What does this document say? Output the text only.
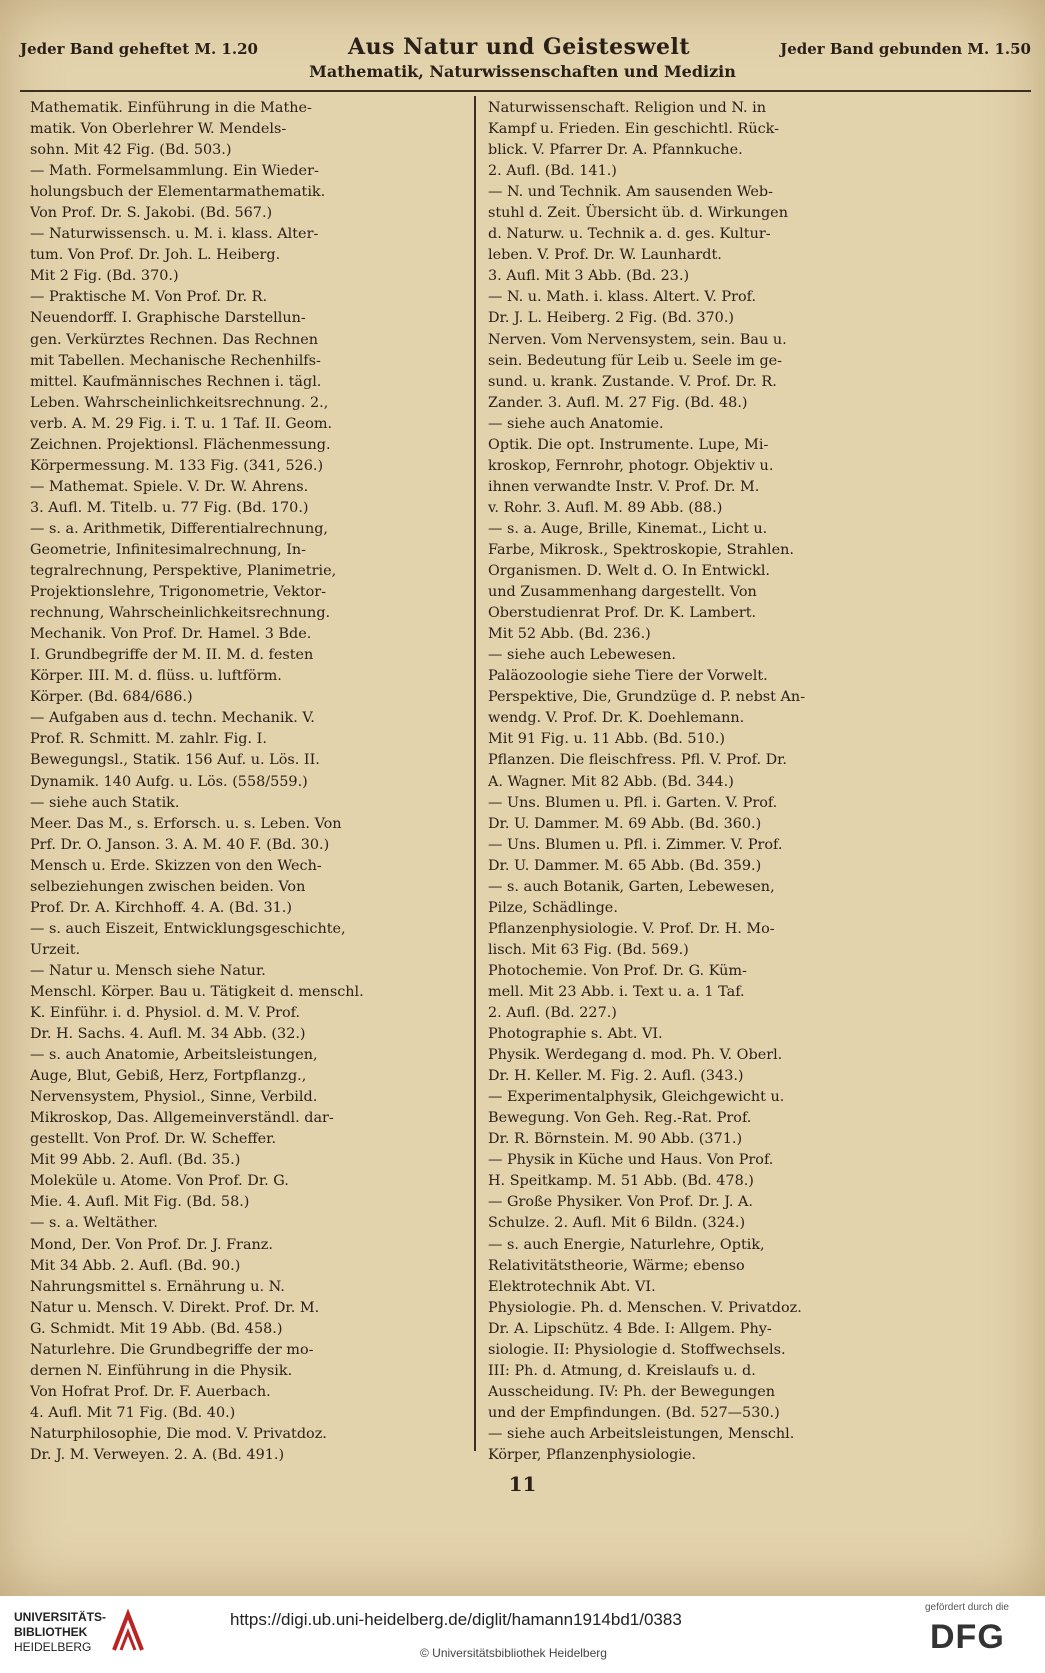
Jeder Band geheftet M. 1.20	Aus Natur und Geisteswelt	Jeder Band gebunden M. 1.50
Mathematik, Naturwissenschaften und Medizin
Mathematik. Einführung in die Mathe-
matik. Von Oberlehrer W. Mendels-
sohn. Mit 42 Fig. (Bd. 503.)
— Math. Formelsammlung. Ein Wieder-
holungsbuch der Elementarmathematik.
Von Prof. Dr. S. Jakobi. (Bd. 567.)
— Naturwissensch. u. M. i. klass. Alter-
tum. Von Prof. Dr. Joh. L. Heiberg.
Mit 2 Fig. (Bd. 370.)
— Praktische M. Von Prof. Dr. R.
Neuendorff. I. Graphische Darstellun-
gen. Verkürztes Rechnen. Das Rechnen
mit Tabellen. Mechanische Rechenhilfs-
mittel. Kaufmännisches Rechnen i. tägl.
Leben. Wahrscheinlichkeitsrechnung. 2.,
verb. A. M. 29 Fig. i. T. u. 1 Taf. II. Geom.
Zeichnen. Projektionsl. Flächenmessung.
Körpermessung. M. 133 Fig. (341, 526.)
— Mathemat. Spiele. V. Dr. W. Ahrens.
3. Aufl. M. Titelb. u. 77 Fig. (Bd. 170.)
— s. a. Arithmetik, Differentialrechnung,
Geometrie, Infinitesimalrechnung, In-
tegralrechnung, Perspektive, Planimetrie,
Projektionslehre, Trigonometrie, Vektor-
rechnung, Wahrscheinlichkeitsrechnung.
Mechanik. Von Prof. Dr. Hamel. 3 Bde.
I. Grundbegriffe der M. II. M. d. festen
Körper. III. M. d. flüss. u. luftförm.
Körper. (Bd. 684/686.)
— Aufgaben aus d. techn. Mechanik. V.
Prof. R. Schmitt. M. zahlr. Fig. I.
Bewegungsl., Statik. 156 Auf. u. Lös. II.
Dynamik. 140 Aufg. u. Lös. (558/559.)
— siehe auch Statik.
Meer. Das M., s. Erforsch. u. s. Leben. Von
Prf. Dr. O. Janson. 3. A. M. 40 F. (Bd. 30.)
Mensch u. Erde. Skizzen von den Wech-
selbeziehungen zwischen beiden. Von
Prof. Dr. A. Kirchhoff. 4. A. (Bd. 31.)
— s. auch Eiszeit, Entwicklungsgeschichte,
Urzeit.
— Natur u. Mensch siehe Natur.
Menschl. Körper. Bau u. Tätigkeit d. menschl.
K. Einführ. i. d. Physiol. d. M. V. Prof.
Dr. H. Sachs. 4. Aufl. M. 34 Abb. (32.)
— s. auch Anatomie, Arbeitsleistungen,
Auge, Blut, Gebiß, Herz, Fortpflanzg.,
Nervensystem, Physiol., Sinne, Verbild.
Mikroskop, Das. Allgemeinverständl. dar-
gestellt. Von Prof. Dr. W. Scheffer.
Mit 99 Abb. 2. Aufl. (Bd. 35.)
Moleküle u. Atome. Von Prof. Dr. G.
Mie. 4. Aufl. Mit Fig. (Bd. 58.)
— s. a. Weltäther.
Mond, Der. Von Prof. Dr. J. Franz.
Mit 34 Abb. 2. Aufl. (Bd. 90.)
Nahrungsmittel s. Ernährung u. N.
Natur u. Mensch. V. Direkt. Prof. Dr. M.
G. Schmidt. Mit 19 Abb. (Bd. 458.)
Naturlehre. Die Grundbegriffe der mo-
dernen N. Einführung in die Physik.
Von Hofrat Prof. Dr. F. Auerbach.
4. Aufl. Mit 71 Fig. (Bd. 40.)
Naturphilosophie, Die mod. V. Privatdoz.
Dr. J. M. Verweyen. 2. A. (Bd. 491.)
Naturwissenschaft. Religion und N. in
Kampf u. Frieden. Ein geschichtl. Rück-
blick. V. Pfarrer Dr. A. Pfannkuche.
2. Aufl. (Bd. 141.)
— N. und Technik. Am sausenden Web-
stuhl d. Zeit. Übersicht üb. d. Wirkungen
d. Naturw. u. Technik a. d. ges. Kultur-
leben. V. Prof. Dr. W. Launhardt.
3. Aufl. Mit 3 Abb. (Bd. 23.)
— N. u. Math. i. klass. Altert. V. Prof.
Dr. J. L. Heiberg. 2 Fig. (Bd. 370.)
Nerven. Vom Nervensystem, sein. Bau u.
sein. Bedeutung für Leib u. Seele im ge-
sund. u. krank. Zustande. V. Prof. Dr. R.
Zander. 3. Aufl. M. 27 Fig. (Bd. 48.)
— siehe auch Anatomie.
Optik. Die opt. Instrumente. Lupe, Mi-
kroskop, Fernrohr, photogr. Objektiv u.
ihnen verwandte Instr. V. Prof. Dr. M.
v. Rohr. 3. Aufl. M. 89 Abb. (88.)
— s. a. Auge, Brille, Kinemat., Licht u.
Farbe, Mikrosk., Spektroskopie, Strahlen.
Organismen. D. Welt d. O. In Entwickl.
und Zusammenhang dargestellt. Von
Oberstudienrat Prof. Dr. K. Lambert.
Mit 52 Abb. (Bd. 236.)
— siehe auch Lebewesen.
Paläozoologie siehe Tiere der Vorwelt.
Perspektive, Die, Grundzüge d. P. nebst An-
wendg. V. Prof. Dr. K. Doehlemann.
Mit 91 Fig. u. 11 Abb. (Bd. 510.)
Pflanzen. Die fleischfress. Pfl. V. Prof. Dr.
A. Wagner. Mit 82 Abb. (Bd. 344.)
— Uns. Blumen u. Pfl. i. Garten. V. Prof.
Dr. U. Dammer. M. 69 Abb. (Bd. 360.)
— Uns. Blumen u. Pfl. i. Zimmer. V. Prof.
Dr. U. Dammer. M. 65 Abb. (Bd. 359.)
— s. auch Botanik, Garten, Lebewesen,
Pilze, Schädlinge.
Pflanzenphysiologie. V. Prof. Dr. H. Mo-
lisch. Mit 63 Fig. (Bd. 569.)
Photochemie. Von Prof. Dr. G. Küm-
mell. Mit 23 Abb. i. Text u. a. 1 Taf.
2. Aufl. (Bd. 227.)
Photographie s. Abt. VI.
Physik. Werdegang d. mod. Ph. V. Oberl.
Dr. H. Keller. M. Fig. 2. Aufl. (343.)
— Experimentalphysik, Gleichgewicht u.
Bewegung. Von Geh. Reg.-Rat. Prof.
Dr. R. Börnstein. M. 90 Abb. (371.)
— Physik in Küche und Haus. Von Prof.
H. Speitkamp. M. 51 Abb. (Bd. 478.)
— Große Physiker. Von Prof. Dr. J. A.
Schulze. 2. Aufl. Mit 6 Bildn. (324.)
— s. auch Energie, Naturlehre, Optik,
Relativitätstheorie, Wärme; ebenso
Elektrotechnik Abt. VI.
Physiologie. Ph. d. Menschen. V. Privatdoz.
Dr. A. Lipschütz. 4 Bde. I: Allgem. Phy-
siologie. II: Physiologie d. Stoffwechsels.
III: Ph. d. Atmung, d. Kreislaufs u. d.
Ausscheidung. IV: Ph. der Bewegungen
und der Empfindungen. (Bd. 527—530.)
— siehe auch Arbeitsleistungen, Menschl.
Körper, Pflanzenphysiologie.
11
UNIVERSITÄTS-
BIBLIOTHEK
HEIDELBERG
https://digi.ub.uni-heidelberg.de/diglit/hamann1914bd1/0383
© Universitätsbibliothek Heidelberg
gefördert durch die
DFG
